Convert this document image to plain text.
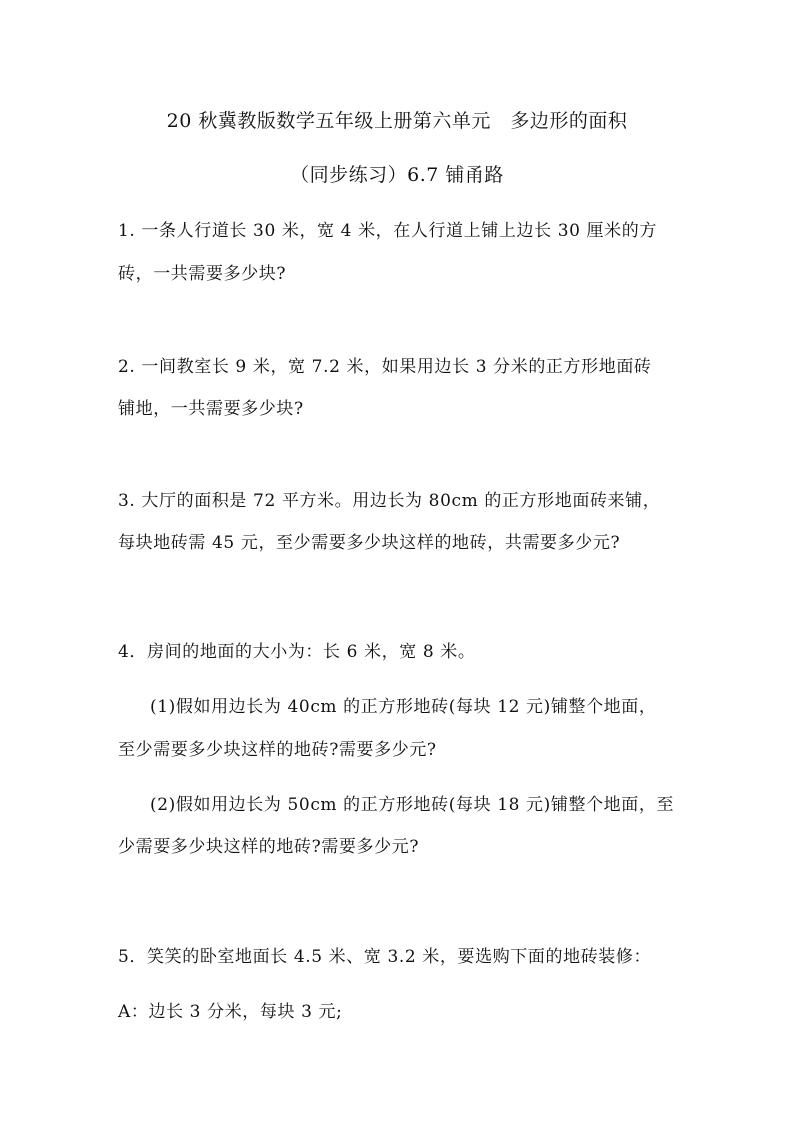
20 秋冀教版数学五年级上册第六单元　多边形的面积
（同步练习）6.7 铺甬路
1. 一条人行道长 30 米，宽 4 米，在人行道上铺上边长 30 厘米的方
砖，一共需要多少块?
2. 一间教室长 9 米，宽 7.2 米，如果用边长 3 分米的正方形地面砖
铺地，一共需要多少块?
3. 大厅的面积是 72 平方米。用边长为 80cm 的正方形地面砖来铺，
每块地砖需 45 元，至少需要多少块这样的地砖，共需要多少元?
4．房间的地面的大小为：长 6 米，宽 8 米。
(1)假如用边长为 40cm 的正方形地砖(每块 12 元)铺整个地面，
至少需要多少块这样的地砖?需要多少元?
(2)假如用边长为 50cm 的正方形地砖(每块 18 元)铺整个地面，至
少需要多少块这样的地砖?需要多少元?
5．笑笑的卧室地面长 4.5 米、宽 3.2 米，要选购下面的地砖装修：
A：边长 3 分米，每块 3 元;
